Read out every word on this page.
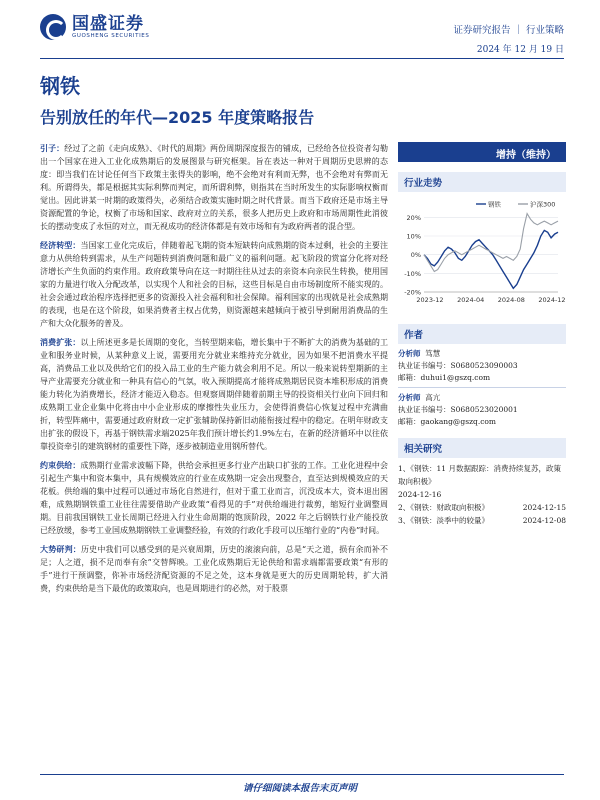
国盛证券
GUOSHENG SECURITIES	证券研究报告 ｜ 行业策略
2024 年 12 月 19 日
钢铁
告别放任的年代—2025 年度策略报告
引子：经过了之前《走向成熟》、《时代的周期》两份周期深度报告的铺成，已经给各位投资者勾勒出一个国家在进入工业化成熟期后的发展图景与研究框架。旨在表达一种对于周期历史思辨的态度：即当我们在讨论任何当下政策主张得失的影响，绝不会绝对有利而无弊，也不会绝对有弊而无利。所谓得失，都是根据其实际利弊而判定，而所谓利弊，则指其在当时所发生的实际影响权衡而觉出。因此讲某一时期的政策得失，必须结合政策实施时期之时代背景。而当下政府还是市场主导资源配置的争论，权衡了市场和国家、政府对立的关系，很多人把历史上政府和市场周期性此消彼长的摆动变成了永恒的对立，而无视成功的经济体都是有效市场和有为政府两者的混合型。
经济转型：当国家工业化完成后，伴随着起飞期的资本短缺转向成熟期的资本过剩，社会的主要注意力从供给转到需求，从生产问题转到消费问题和最广义的福利问题。起飞阶段的赏富分化将对经济增长产生负面的约束作用。政府政策导向在这一时期往往从过去的亲资本向亲民生转换，使用国家的力量进行收入分配改革，以实现个人和社会的目标，这些目标是自由市场制度所不能实现的。社会会通过政治程序选择把更多的资源投入社会福利和社会保障。福利国家的出现就是社会成熟期的表现，也是在这个阶段，如果消费者主权占优势，则资源越来越倾向于被引导到耐用消费品的生产和大众化服务的普及。
消费扩张：以上所述更多是长周期的变化，当转型期来临，增长集中于不断扩大的消费为基础的工业和服务业时候，从某种意义上说，需要用充分就业来维持充分就业，因为如果不把消费水平提高，消费品工业以及供给它们的投入品工业的生产能力就会利用不足。所以一般来说转型期新的主导产业需要充分就业和一种具有信心的气氛，收入预期提高才能将成熟期居民资本堆积形成的消费能力转化为消费增长，经济才能迈入稳态。但观察周期伴随着前期主导的投资相关行业向下回归和成熟期工业企业集中化将由中小企业形成的摩擦性失业压力，会使得消费信心恢复过程中充满曲折，转型阵痛中，需要通过政府财政一定扩张辅助保持新旧动能衔接过程中的稳定。在明年财政支出扩张的假设下，再基于钢铁需求端2025年我们预计增长约1.9%左右，在新的经济循环中以往依靠投资牵引的建筑钢材的重要性下降，逐步被制造业用钢所替代。
约束供给：成熟期行业需求波幅下降，供给会承担更多行业产出缺口扩张的工作。工业化进程中会引起生产集中和资本集中，具有规模效应的行业在成熟期一定会出现整合，直至达到规模效应的天花板。供给端的集中过程可以通过市场化自然进行，但对于重工业而言，沉没成本大，资本退出困难，成熟期钢铁重工业往往需要借助产业政策“看得见的手”对供给端进行裁剪，缩短行业调整周期。目前我国钢铁工业长周期已经进入行业生命周期的饱顶阶段，2022 年之后钢铁行业产能投放已经放缓，参考工业国成熟期钢铁工业调整经验，有效的行政化手段可以压缩行业的“内卷”时间。
大势研判：历史中我们可以感受到的是兴衰周期，历史的滚滚向前，总是“天之道，损有余而补不足；人之道，损不足而奉有余”交替辉映。工业化成熟期后无论供给和需求端都需要政策“有形的手”进行干预调整，你补市场经济配资源的不足之处，这本身就是更大的历史周期轮转，扩大消费，约束供给是当下最优的政策取向，也是周期进行的必然，对于股票
增持（维持）
行业走势
20%
10%
0%
-10%
-20%
2023-12 2024-04 2024-08 2024-12
钢铁	沪深300
作者
分析师 笃慧
执业证书编号：S0680523090003
邮箱：duhui1@gszq.com
分析师 高亢
执业证书编号：S0680523020001
邮箱：gaokang@gszq.com
相关研究
1、《钢铁：11 月数据跟踪：消费持续复苏，政策取向积极》
2024-12-16
2、《钢铁：财政取向积极》	2024-12-15
3、《钢铁：淡季中的较量》	2024-12-08
请仔细阅读本报告末页声明
